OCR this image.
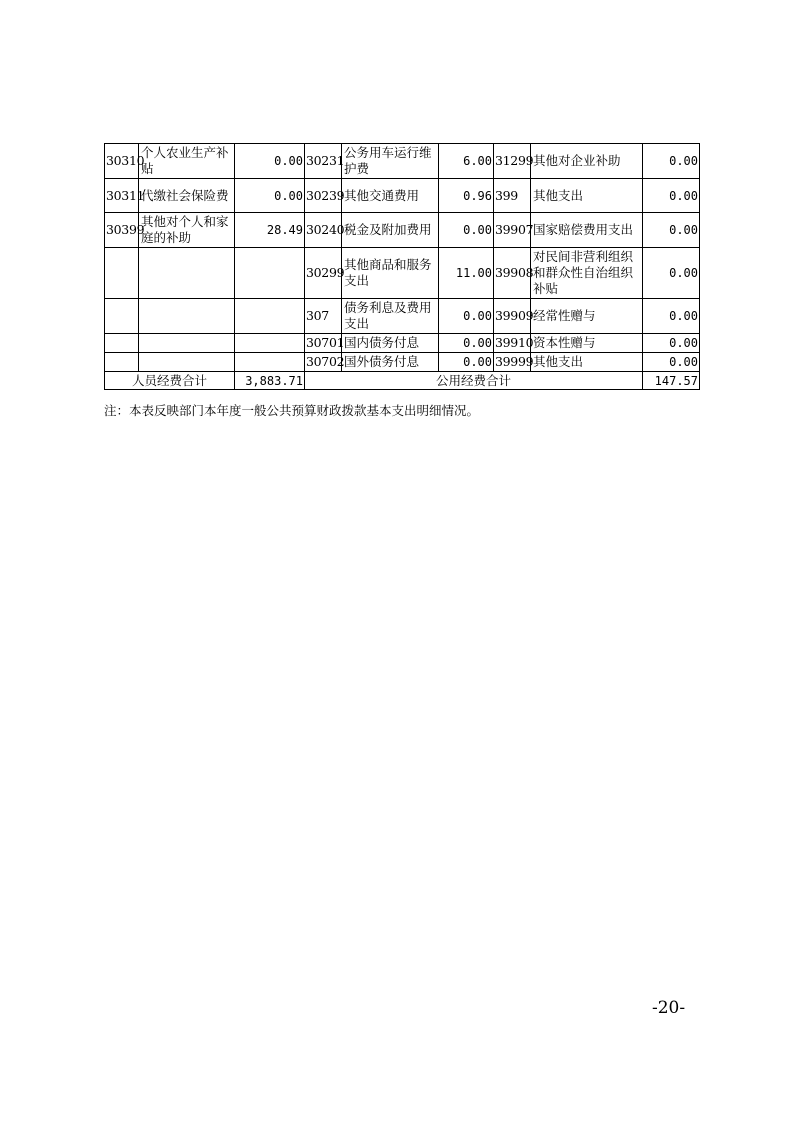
30310	个人农业生产补贴	0.00	30231	公务用车运行维护费	6.00	31299	其他对企业补助	0.00
30311	代缴社会保险费	0.00	30239	其他交通费用	0.96	399	其他支出	0.00
30399	其他对个人和家庭的补助	28.49	30240	税金及附加费用	0.00	39907	国家赔偿费用支出	0.00
			30299	其他商品和服务支出	11.00	39908	对民间非营利组织和群众性自治组织补贴	0.00
			307	债务利息及费用支出	0.00	39909	经常性赠与	0.00
			30701	国内债务付息	0.00	39910	资本性赠与	0.00
			30702	国外债务付息	0.00	39999	其他支出	0.00
人员经费合计		3,883.71	公用经费合计					147.57
注：本表反映部门本年度一般公共预算财政拨款基本支出明细情况。
-20-
